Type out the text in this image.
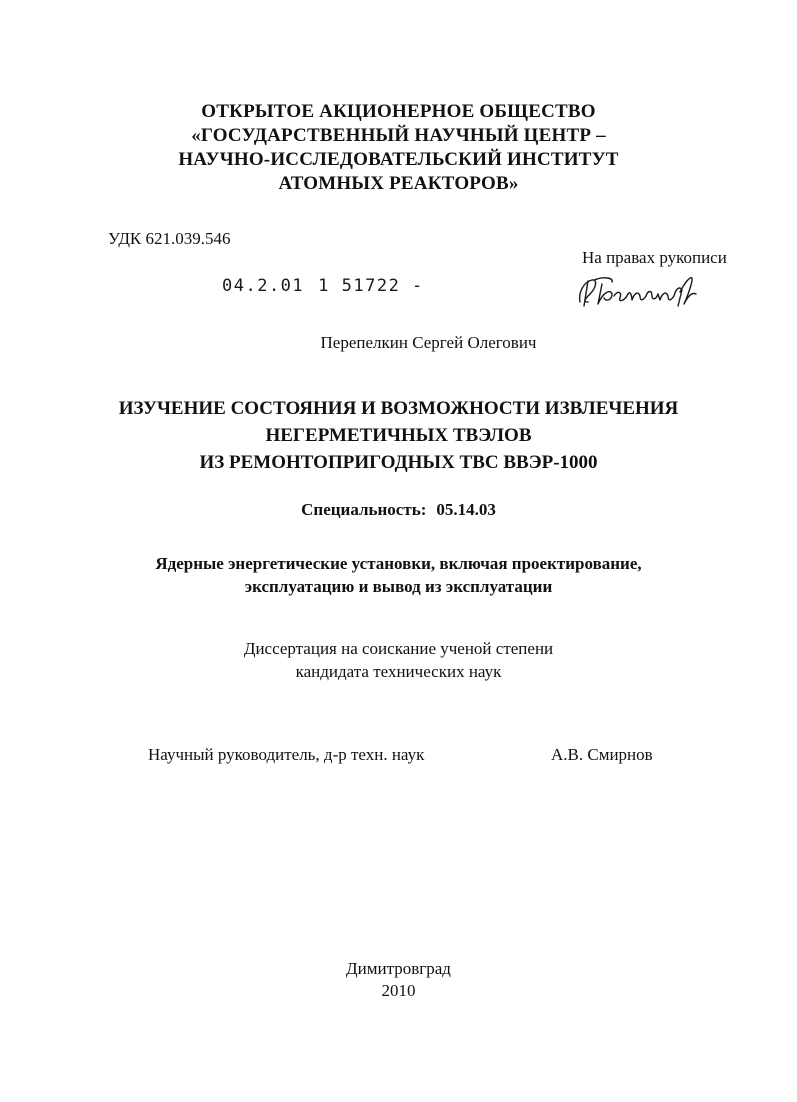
ОТКРЫТОЕ АКЦИОНЕРНОЕ ОБЩЕСТВО
«ГОСУДАРСТВЕННЫЙ НАУЧНЫЙ ЦЕНТР –
НАУЧНО-ИССЛЕДОВАТЕЛЬСКИЙ ИНСТИТУТ
АТОМНЫХ РЕАКТОРОВ»
УДК 621.039.546
На правах рукописи
04.2.01 1 51722 -
Перепелкин Сергей Олегович
ИЗУЧЕНИЕ СОСТОЯНИЯ И ВОЗМОЖНОСТИ ИЗВЛЕЧЕНИЯ
НЕГЕРМЕТИЧНЫХ ТВЭЛОВ
ИЗ РЕМОНТОПРИГОДНЫХ ТВС ВВЭР-1000
Специальность: 05.14.03
Ядерные энергетические установки, включая проектирование,
эксплуатацию и вывод из эксплуатации
Диссертация на соискание ученой степени
кандидата технических наук
Научный руководитель, д-р техн. наук	А.В. Смирнов
Димитровград
2010
